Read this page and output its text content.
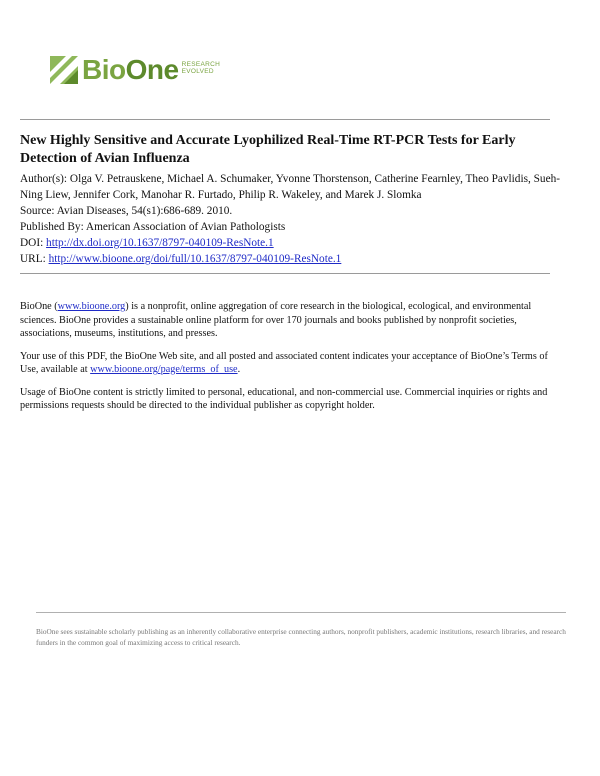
BioOne RESEARCH
EVOLVED

New Highly Sensitive and Accurate Lyophilized Real-Time RT-PCR Tests for Early Detection of Avian Influenza

Author(s): Olga V. Petrauskene, Michael A. Schumaker, Yvonne Thorstenson, Catherine Fearnley, Theo Pavlidis, Sueh-Ning Liew, Jennifer Cork, Manohar R. Furtado, Philip R. Wakeley, and Marek J. Slomka

Source: Avian Diseases, 54(s1):686-689. 2010.

Published By: American Association of Avian Pathologists

DOI: http://dx.doi.org/10.1637/8797-040109-ResNote.1

URL: http://www.bioone.org/doi/full/10.1637/8797-040109-ResNote.1

BioOne (www.bioone.org) is a nonprofit, online aggregation of core research in the biological, ecological, and environmental sciences. BioOne provides a sustainable online platform for over 170 journals and books published by nonprofit societies, associations, museums, institutions, and presses.

Your use of this PDF, the BioOne Web site, and all posted and associated content indicates your acceptance of BioOne’s Terms of Use, available at www.bioone.org/page/terms_of_use.

Usage of BioOne content is strictly limited to personal, educational, and non-commercial use. Commercial inquiries or rights and permissions requests should be directed to the individual publisher as copyright holder.

BioOne sees sustainable scholarly publishing as an inherently collaborative enterprise connecting authors, nonprofit publishers, academic institutions, research libraries, and research funders in the common goal of maximizing access to critical research.
